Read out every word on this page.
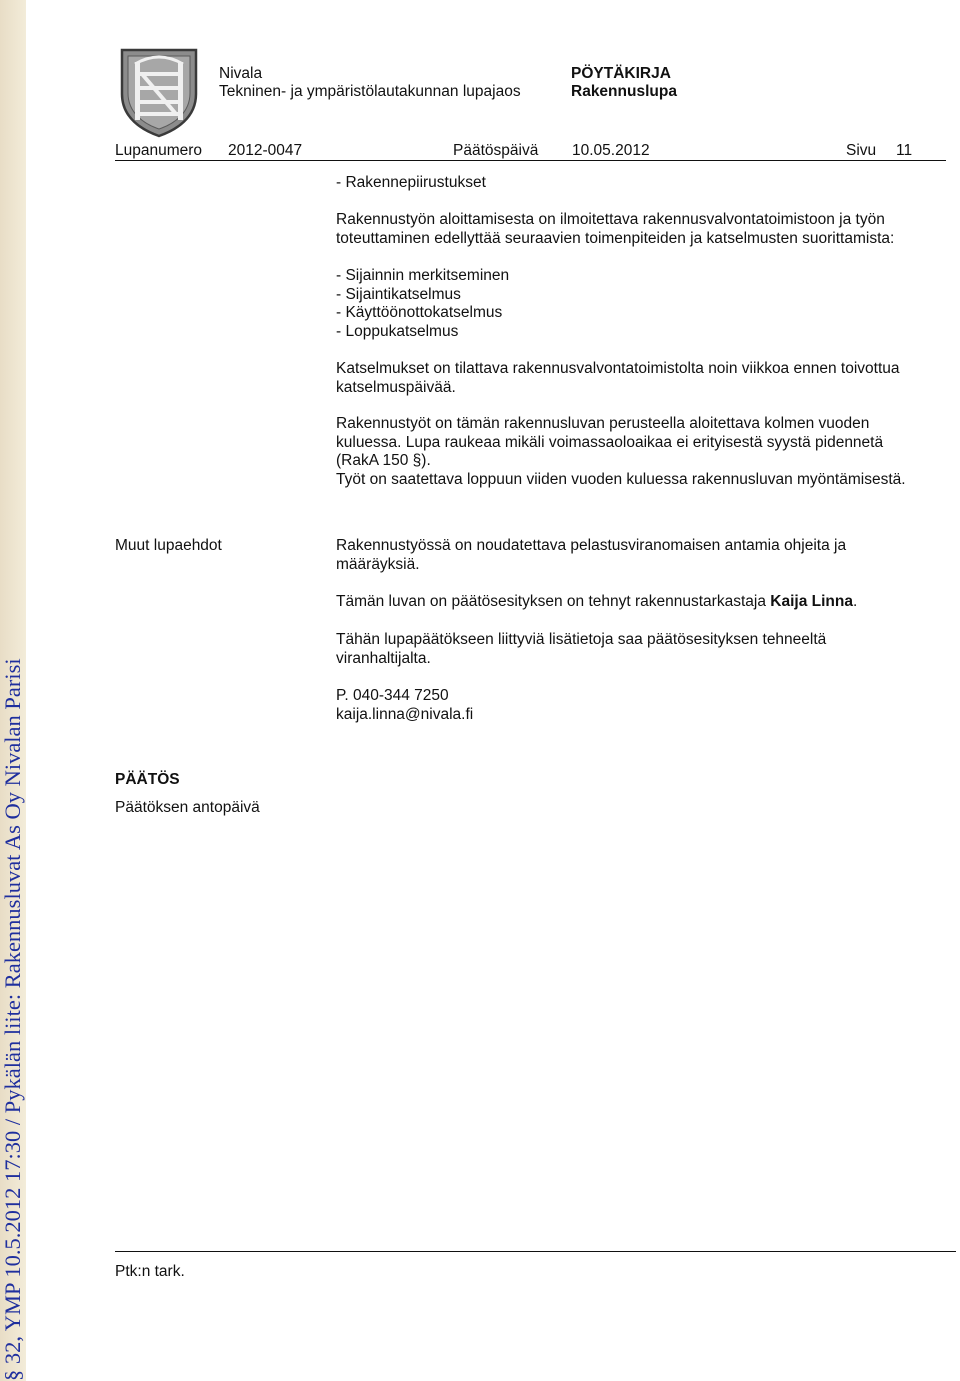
§ 32, YMP 10.5.2012 17:30 / Pykälän liite: Rakennusluvat As Oy Nivalan Parisi
Nivala
Tekninen- ja ympäristölautakunnan lupajaos
PÖYTÄKIRJA
Rakennuslupa
Lupanumero 2012-0047	Päätöspäivä 10.05.2012	Sivu 11
- Rakennepiirustukset
Rakennustyön aloittamisesta on ilmoitettava rakennusvalvontatoimistoon ja työn
toteuttaminen edellyttää seuraavien toimenpiteiden ja katselmusten suorittamista:
- Sijainnin merkitseminen
- Sijaintikatselmus
- Käyttöönottokatselmus
- Loppukatselmus
Katselmukset on tilattava rakennusvalvontatoimistolta noin viikkoa ennen toivottua
katselmuspäivää.
Rakennustyöt on tämän rakennusluvan perusteella aloitettava kolmen vuoden
kuluessa. Lupa raukeaa mikäli voimassaoloaikaa ei erityisestä syystä pidennetä
(RakA 150 §).
Työt on saatettava loppuun viiden vuoden kuluessa rakennusluvan myöntämisestä.
Muut lupaehdot	Rakennustyössä on noudatettava pelastusviranomaisen antamia ohjeita ja
määräyksiä.
Tämän luvan on päätösesityksen on tehnyt rakennustarkastaja Kaija Linna.
Tähän lupapäätökseen liittyviä lisätietoja saa päätösesityksen tehneeltä
viranhaltijalta.
P. 040-344 7250
kaija.linna@nivala.fi
PÄÄTÖS
Päätöksen antopäivä
Ptk:n tark.
